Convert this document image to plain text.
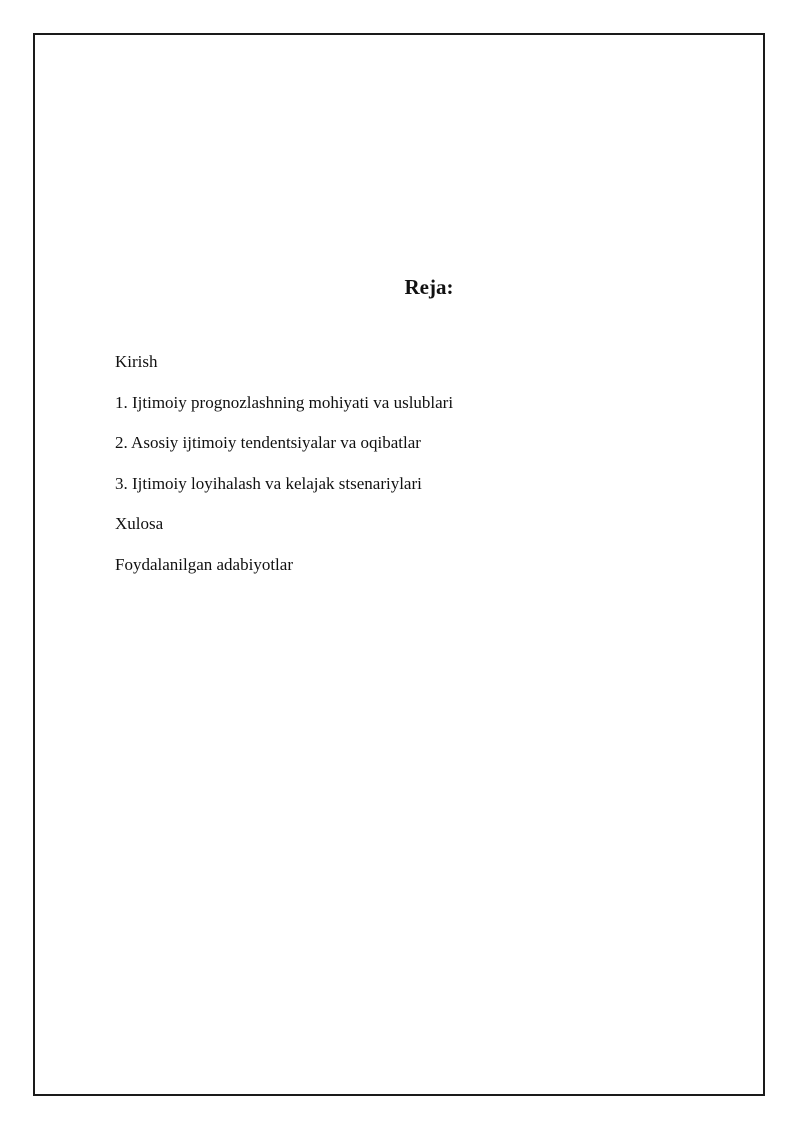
Reja:
Kirish
1. Ijtimoiy prognozlashning mohiyati va uslublari
2. Asosiy ijtimoiy tendentsiyalar va oqibatlar
3. Ijtimoiy loyihalash va kelajak stsenariylari
Xulosa
Foydalanilgan adabiyotlar
